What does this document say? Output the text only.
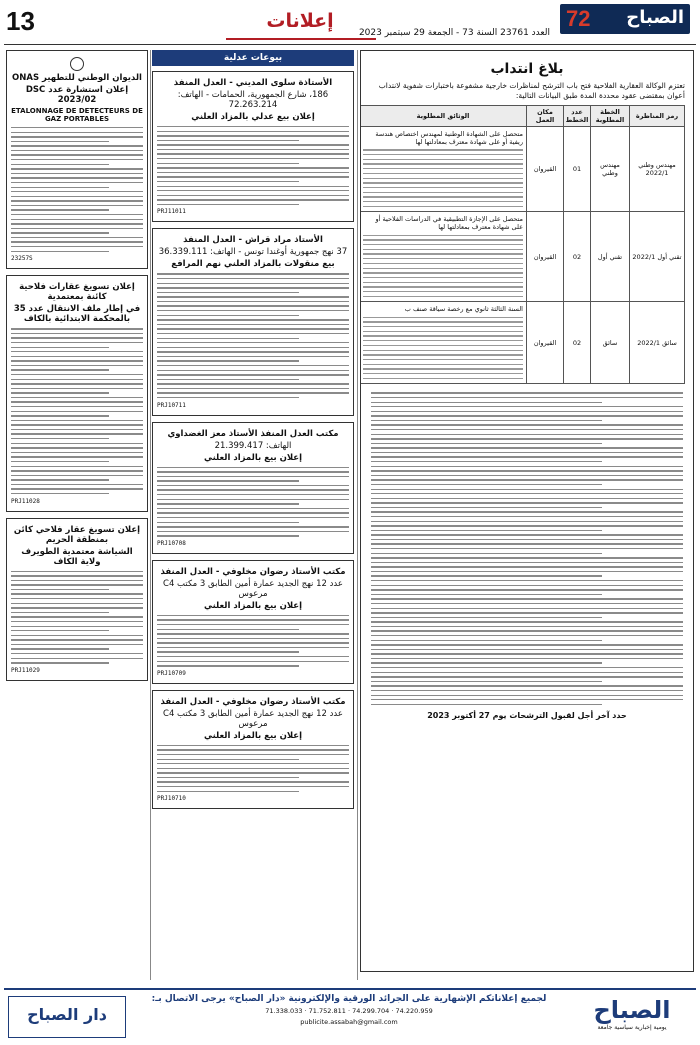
13	إعلانات	72 الصباح
العدد 23761 السنة 73 - الجمعة 29 سبتمبر 2023
بلاغ انتداب
تعتزم الوكالة العقارية الفلاحية فتح باب الترشح لمناظرات خارجية مشفوعة باختبارات شفوية لانتداب أعوان بمقتضى عقود محددة المدة طبق البيانات التالية:
رمز المناظرة	الخطة المطلوبة	عدد الخطط	مكان العمل	الوثائق المطلوبة
مهندس وطني 2022/1	مهندس وطني	01	القيروان	متحصل على الشهادة الوطنية لمهندس اختصاص هندسة ريفية أو على شهادة معترف بمعادلتها لها

تقني أول 2022/1	تقني أول	02	القيروان	متحصل على الإجازة التطبيقية في الدراسات الفلاحية أو على شهادة معترف بمعادلتها لها

سائق 2022/1	سائق	02	القيروان	السنة الثالثة ثانوي مع رخصة سياقة صنف ب
حدد آخر أجل لقبول الترشحات يوم 27 أكتوبر 2023
بيوعات عدلية
الأستاذة سلوى المديني - العدل المنفذ
186، شارع الجمهورية، الحمامات - الهاتف: 72.263.214
إعلان بيع عدلي بالمزاد العلني
PRJ11011
الأستاذ مراد قراش - العدل المنفذ
37 نهج جمهورية أوغندا تونس - الهاتف: 36.339.111
بيع منقولات بالمزاد العلني نهم المرافع
PRJ10711
مكتب العدل المنفذ الأستاذ معز الغضداوي
الهاتف: 21.399.417
إعلان بيع بالمزاد العلني
PRJ10708
مكتب الأستاذ رضوان مخلوفي - العدل المنفذ
عدد 12 نهج الجديد عمارة أمين الطابق 3 مكتب C4 مرعوس
إعلان بيع بالمزاد العلني
PRJ10709
مكتب الأستاذ رضوان مخلوفي - العدل المنفذ
عدد 12 نهج الجديد عمارة أمين الطابق 3 مكتب C4 مرعوس
إعلان بيع بالمزاد العلني
PRJ10710
الديوان الوطني للتطهير ONAS
إعلان استشارة عدد DSC 2023/02
ETALONNAGE DE DETECTEURS DE GAZ PORTABLES
23257S
إعلان تسويغ عقارات فلاحية كائنة بمعتمدية
في إطار ملف الانتقال عدد 35 بالمحكمة الابتدائية بالكاف
PRJ11028
إعلان تسويغ عقار فلاحي كائن بمنطقة الحريم
الشياشة معتمدية الطويرف ولاية الكاف
PRJ11029
الصباح
يومية إخبارية سياسية جامعة
لجميع إعلاناتكم الإشهارية على الجرائد الورقية والإلكترونية «دار الصباح» يرجى الاتصال بـ:
74.220.959 · 74.299.704 · 71.752.811 · 71.338.033
publicite.assabah@gmail.com
دار الصباح
